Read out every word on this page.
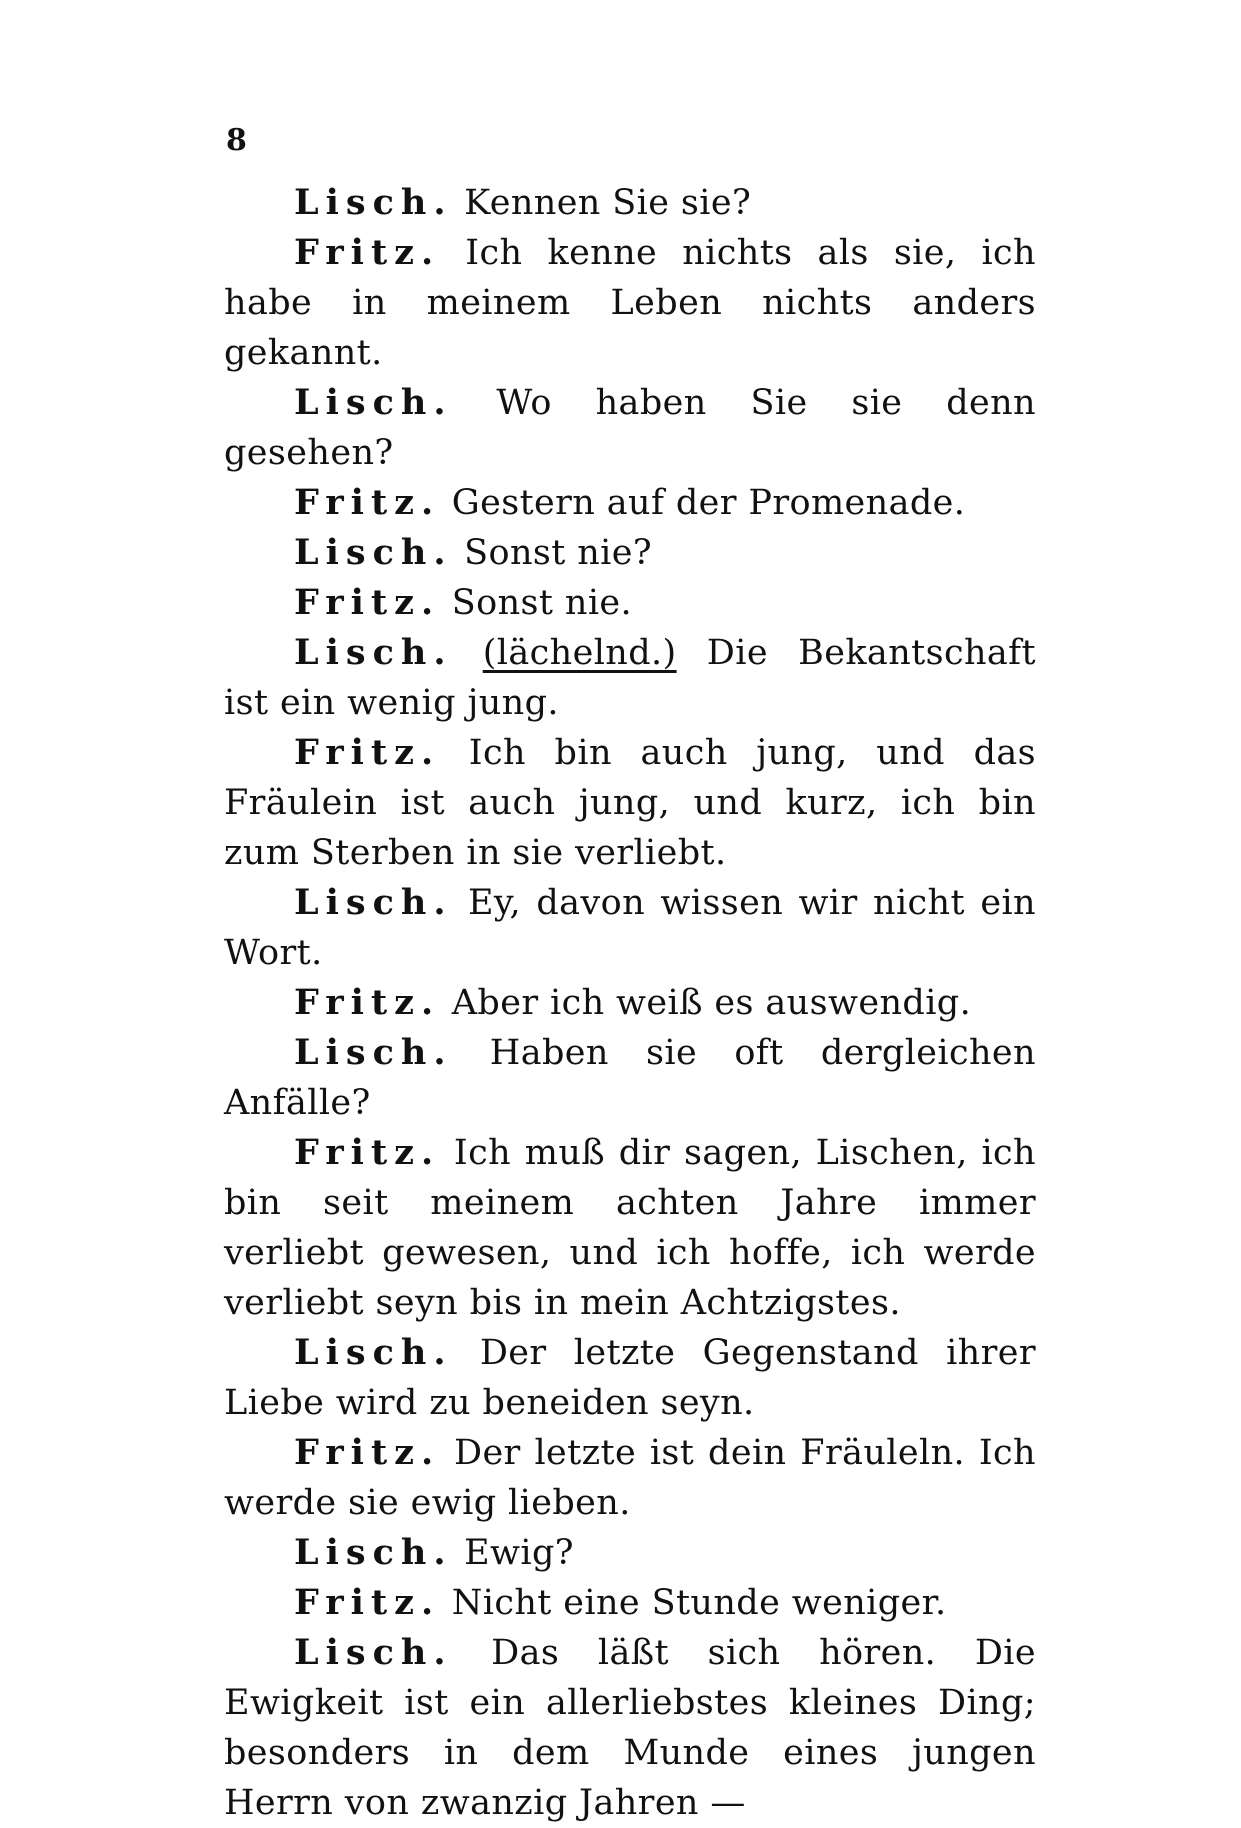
8

Lisch. Kennen Sie sie?

Fritz. Ich kenne nichts als sie, ich habe in meinem Leben nichts anders gekannt.

Lisch. Wo haben Sie sie denn gesehen?

Fritz. Gestern auf der Promenade.

Lisch. Sonst nie?

Fritz. Sonst nie.

Lisch. (lächelnd.) Die Bekantschaft ist ein wenig jung.

Fritz. Ich bin auch jung, und das Fräulein ist auch jung, und kurz, ich bin zum Sterben in sie verliebt.

Lisch. Ey, davon wissen wir nicht ein Wort.

Fritz. Aber ich weiß es auswendig.

Lisch. Haben sie oft dergleichen Anfälle?

Fritz. Ich muß dir sagen, Lischen, ich bin seit meinem achten Jahre immer verliebt gewesen, und ich hoffe, ich werde verliebt seyn bis in mein Achtzigstes.

Lisch. Der letzte Gegenstand ihrer Liebe wird zu beneiden seyn.

Fritz. Der letzte ist dein Fräuleln. Ich werde sie ewig lieben.

Lisch. Ewig?

Fritz. Nicht eine Stunde weniger.

Lisch. Das läßt sich hören. Die Ewigkeit ist ein allerliebstes kleines Ding; besonders in dem Munde eines jungen Herrn von zwanzig Jahren —
